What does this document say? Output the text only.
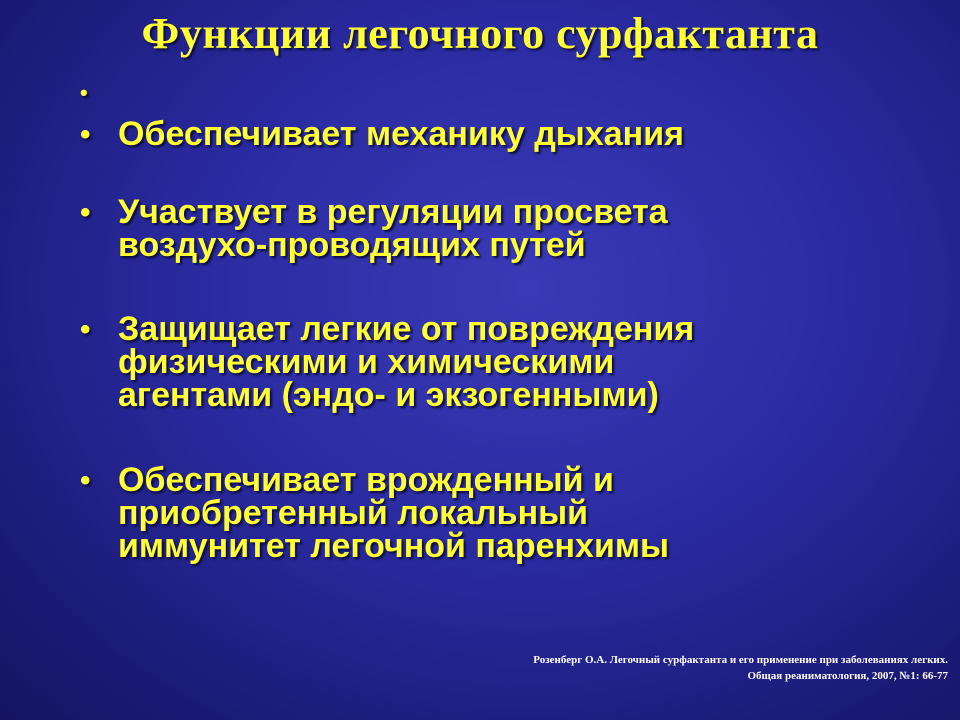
Функции легочного сурфактанта
•
• Обеспечивает механику дыхания
• Участвует в регуляции просвета
воздухо-проводящих путей
• Защищает легкие от повреждения
физическими и химическими
агентами (эндо- и экзогенными)
• Обеспечивает врожденный и
приобретенный локальный
иммунитет легочной паренхимы
Розенберг О.А. Легочный сурфактанта и его применение при заболеваниях легких.
Общая реаниматология, 2007, №1: 66-77
